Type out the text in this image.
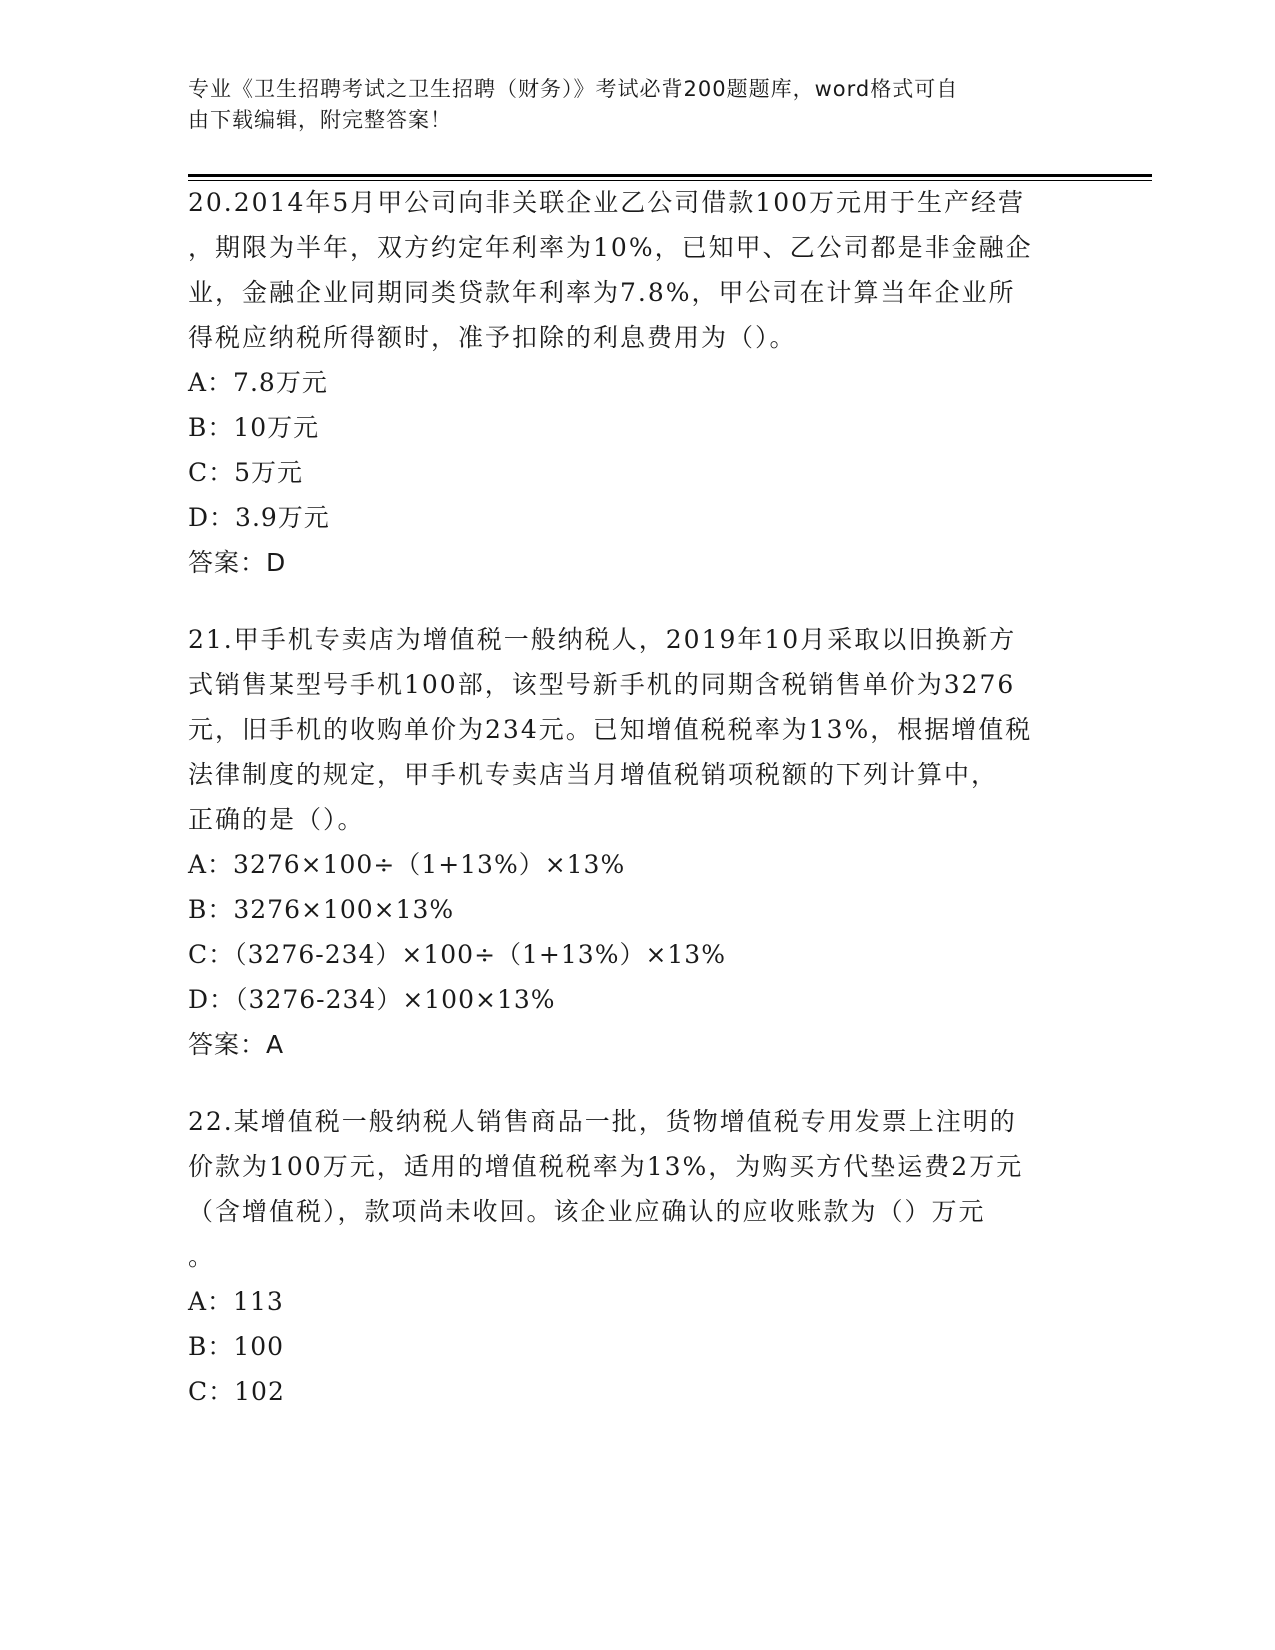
专业《卫生招聘考试之卫生招聘（财务）》考试必背200题题库，word格式可自
由下载编辑，附完整答案！

20.2014年5月甲公司向非关联企业乙公司借款100万元用于生产经营

，期限为半年，双方约定年利率为10%，已知甲、乙公司都是非金融企

业，金融企业同期同类贷款年利率为7.8%，甲公司在计算当年企业所

得税应纳税所得额时，准予扣除的利息费用为（）。

A：7.8万元

B：10万元

C：5万元

D：3.9万元

答案：D

21.甲手机专卖店为增值税一般纳税人，2019年10月采取以旧换新方

式销售某型号手机100部，该型号新手机的同期含税销售单价为3276

元，旧手机的收购单价为234元。已知增值税税率为13%，根据增值税

法律制度的规定，甲手机专卖店当月增值税销项税额的下列计算中，

正确的是（）。

A：3276×100÷（1+13%）×13%

B：3276×100×13%

C：（3276-234）×100÷（1+13%）×13%

D：（3276-234）×100×13%

答案：A

22.某增值税一般纳税人销售商品一批，货物增值税专用发票上注明的

价款为100万元，适用的增值税税率为13%，为购买方代垫运费2万元

（含增值税），款项尚未收回。该企业应确认的应收账款为（）万元

。

A：113

B：100

C：102
